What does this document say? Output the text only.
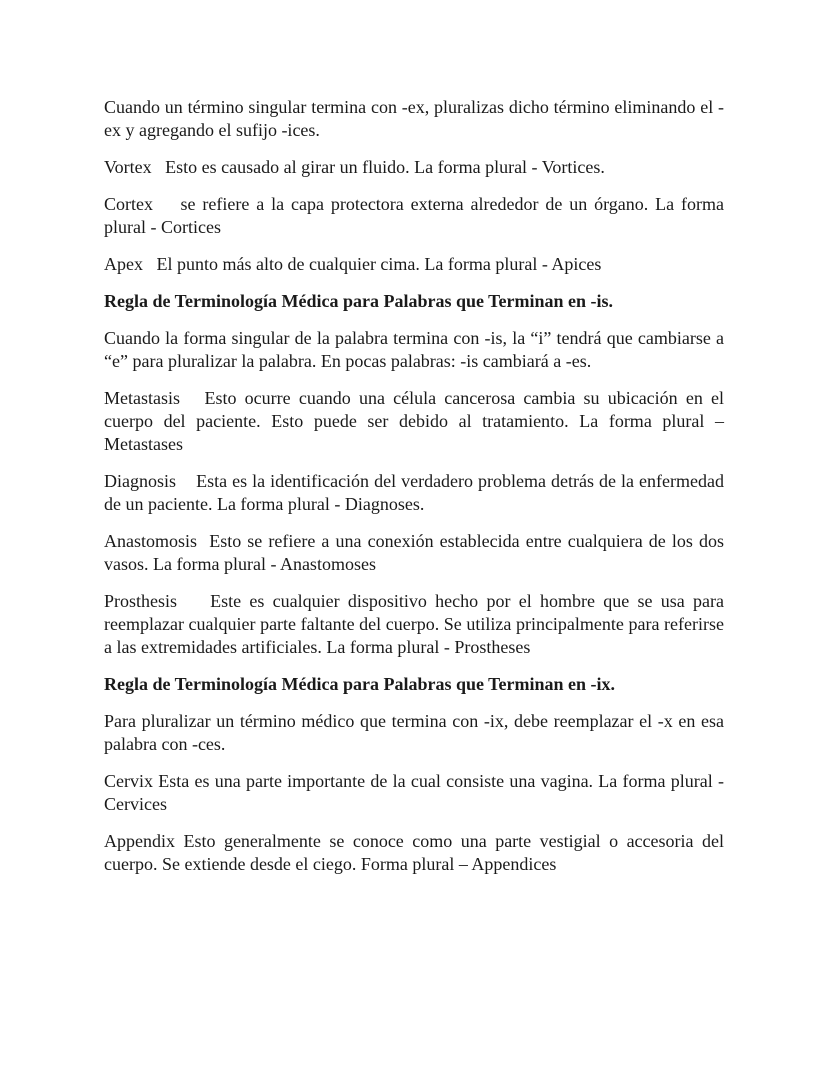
Cuando un término singular termina con -ex, pluralizas dicho término eliminando el -ex y agregando el sufijo -ices.

Vortex   Esto es causado al girar un fluido. La forma plural - Vortices.

Cortex    se refiere a la capa protectora externa alrededor de un órgano. La forma plural - Cortices

Apex   El punto más alto de cualquier cima. La forma plural - Apices

Regla de Terminología Médica para Palabras que Terminan en -is.

Cuando la forma singular de la palabra termina con -is, la “i” tendrá que cambiarse a “e” para pluralizar la palabra. En pocas palabras: -is cambiará a -es.

Metastasis   Esto ocurre cuando una célula cancerosa cambia su ubicación en el cuerpo del paciente. Esto puede ser debido al tratamiento. La forma plural – Metastases

Diagnosis    Esta es la identificación del verdadero problema detrás de la enfermedad de un paciente. La forma plural - Diagnoses.

Anastomosis  Esto se refiere a una conexión establecida entre cualquiera de los dos vasos. La forma plural - Anastomoses

Prosthesis    Este es cualquier dispositivo hecho por el hombre que se usa para reemplazar cualquier parte faltante del cuerpo. Se utiliza principalmente para referirse a las extremidades artificiales. La forma plural - Prostheses

Regla de Terminología Médica para Palabras que Terminan en -ix.

Para pluralizar un término médico que termina con -ix, debe reemplazar el -x en esa palabra con -ces.

Cervix Esta es una parte importante de la cual consiste una vagina. La forma plural - Cervices

Appendix Esto generalmente se conoce como una parte vestigial o accesoria del cuerpo. Se extiende desde el ciego. Forma plural – Appendices
